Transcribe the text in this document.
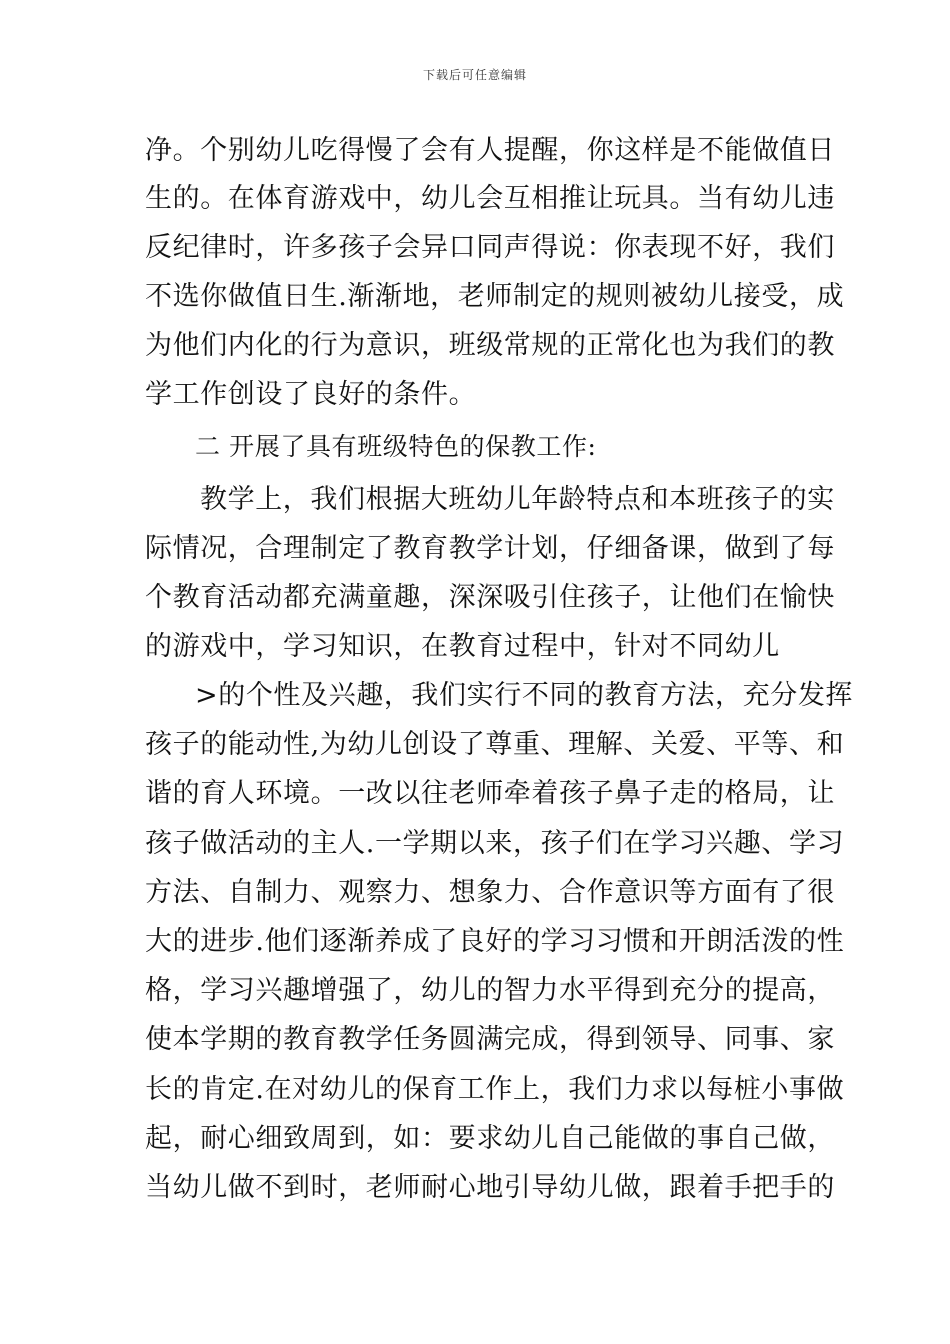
下载后可任意编辑
净。个别幼儿吃得慢了会有人提醒，你这样是不能做值日
生的。在体育游戏中，幼儿会互相推让玩具。当有幼儿违
反纪律时，许多孩子会异口同声得说：你表现不好，我们
不选你做值日生.渐渐地，老师制定的规则被幼儿接受，成
为他们内化的行为意识，班级常规的正常化也为我们的教
学工作创设了良好的条件。
二 开展了具有班级特色的保教工作:
教学上，我们根据大班幼儿年龄特点和本班孩子的实
际情况，合理制定了教育教学计划，仔细备课，做到了每
个教育活动都充满童趣，深深吸引住孩子，让他们在愉快
的游戏中，学习知识，在教育过程中，针对不同幼儿
>的个性及兴趣，我们实行不同的教育方法，充分发挥
孩子的能动性,为幼儿创设了尊重、理解、关爱、平等、和
谐的育人环境。一改以往老师牵着孩子鼻子走的格局，让
孩子做活动的主人.一学期以来，孩子们在学习兴趣、学习
方法、自制力、观察力、想象力、合作意识等方面有了很
大的进步.他们逐渐养成了良好的学习习惯和开朗活泼的性
格，学习兴趣增强了，幼儿的智力水平得到充分的提高，
使本学期的教育教学任务圆满完成，得到领导、同事、家
长的肯定.在对幼儿的保育工作上，我们力求以每桩小事做
起，耐心细致周到，如：要求幼儿自己能做的事自己做，
当幼儿做不到时，老师耐心地引导幼儿做，跟着手把手的
